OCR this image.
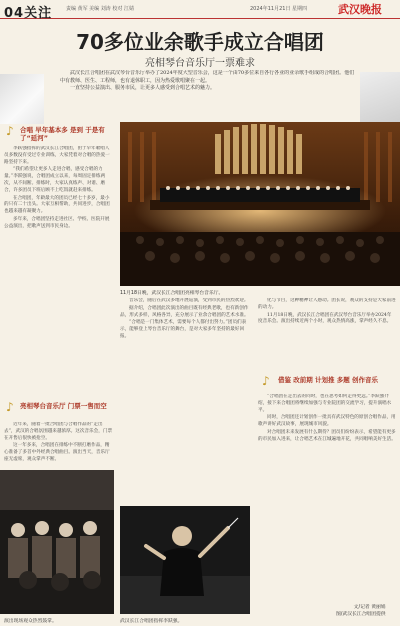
04关注	责编 黄军 美编 刘涛 校对 江婧	2024年11月21日 星期四	武汉晚报
70多位业余歌手成立合唱团
亮相琴台音乐厅一票难求

武汉长江合唱团在武汉琴台音乐厅举办了2024年度大型音乐会，这是一个由70多位来自各行各业的业余歌手组成的合唱团。他们中有教师、医生、工程师，也有退休职工，因为热爱歌唱聚在一起。

一直坚持公益演出、服务市民，让更多人感受到合唱艺术的魅力。

♪ 合唱 早年基本多 是到 于是有了“延河”

李跃强指挥的武汉长江合唱团，由于早年歌唱人员多数没有受过专业训练，大家凭着对合唱的热爱一路坚持下来。

“我们希望让更多人走进合唱，感受合唱的力量。”李跃强说，合唱团成立以来，每周固定排练两次，从不间断。排练时，大家认真练声、对谱、磨合，许多团员下班后顾不上吃饭就赶来排练。

在合唱团，年龄最大的团员已经七十多岁，最小的只有二十出头。大家互相帮助，共同进步，合唱团也越来越有凝聚力。

多年来，合唱团坚持走进社区、学校、医院开展公益演出，把歌声送到市民身边。

♪ 亮相琴台音乐厅 门票一售而空

近年来，随着一批合唱团与合唱作品的“走出去”，武汉的合唱氛围越来越浓厚。这次音乐会，门票在开售后很快被抢空。

这一年多来，合唱团在排练中不断打磨作品，精心准备了多首中外经典合唱曲目。演出当天，音乐厅座无虚席，观众掌声不断。

11月18日晚，武汉长江合唱团亮相琴台音乐厅。

音乐会，随后在武汉多地开展巡演，受到市民的热烈欢迎。

据介绍，合唱团此次演出的曲目既有经典老歌，也有新创作品，形式多样，风格各异，充分展示了业余合唱团的艺术水准。

“合唱是一门集体艺术，需要每个人都付出努力。”团员们表示，能够登上琴台音乐厅的舞台，是对大家多年坚持的最好回报。

化与节目，这种精神让人感动。团长说，观众的支持是大家前进的动力。

11月18日晚，武汉长江合唱团在武汉琴台音乐厅举办2024年度音乐会。演出持续近两个小时，观众热情高涨，掌声经久不息。

♪ 借鉴 改前期 计划推 多题 创作音乐

“合唱团在走出去的同时，也在思考如何走得更远。”李跃强介绍，接下来合唱团将继续加强与专业院团的交流学习，提升演唱水平。

同时，合唱团还计划创作一批具有武汉特色的原创合唱作品，用歌声讲好武汉故事，展现城市风貌。

对合唱团未来发展有什么期待？团员们纷纷表示，希望能有更多的市民加入进来，让合唱艺术在江城遍地开花，共同唱响美好生活。

演出现场观众热烈鼓掌。	武汉长江合唱团指挥李跃强。
文/记者 黄丽娟
图/武汉长江合唱团提供
